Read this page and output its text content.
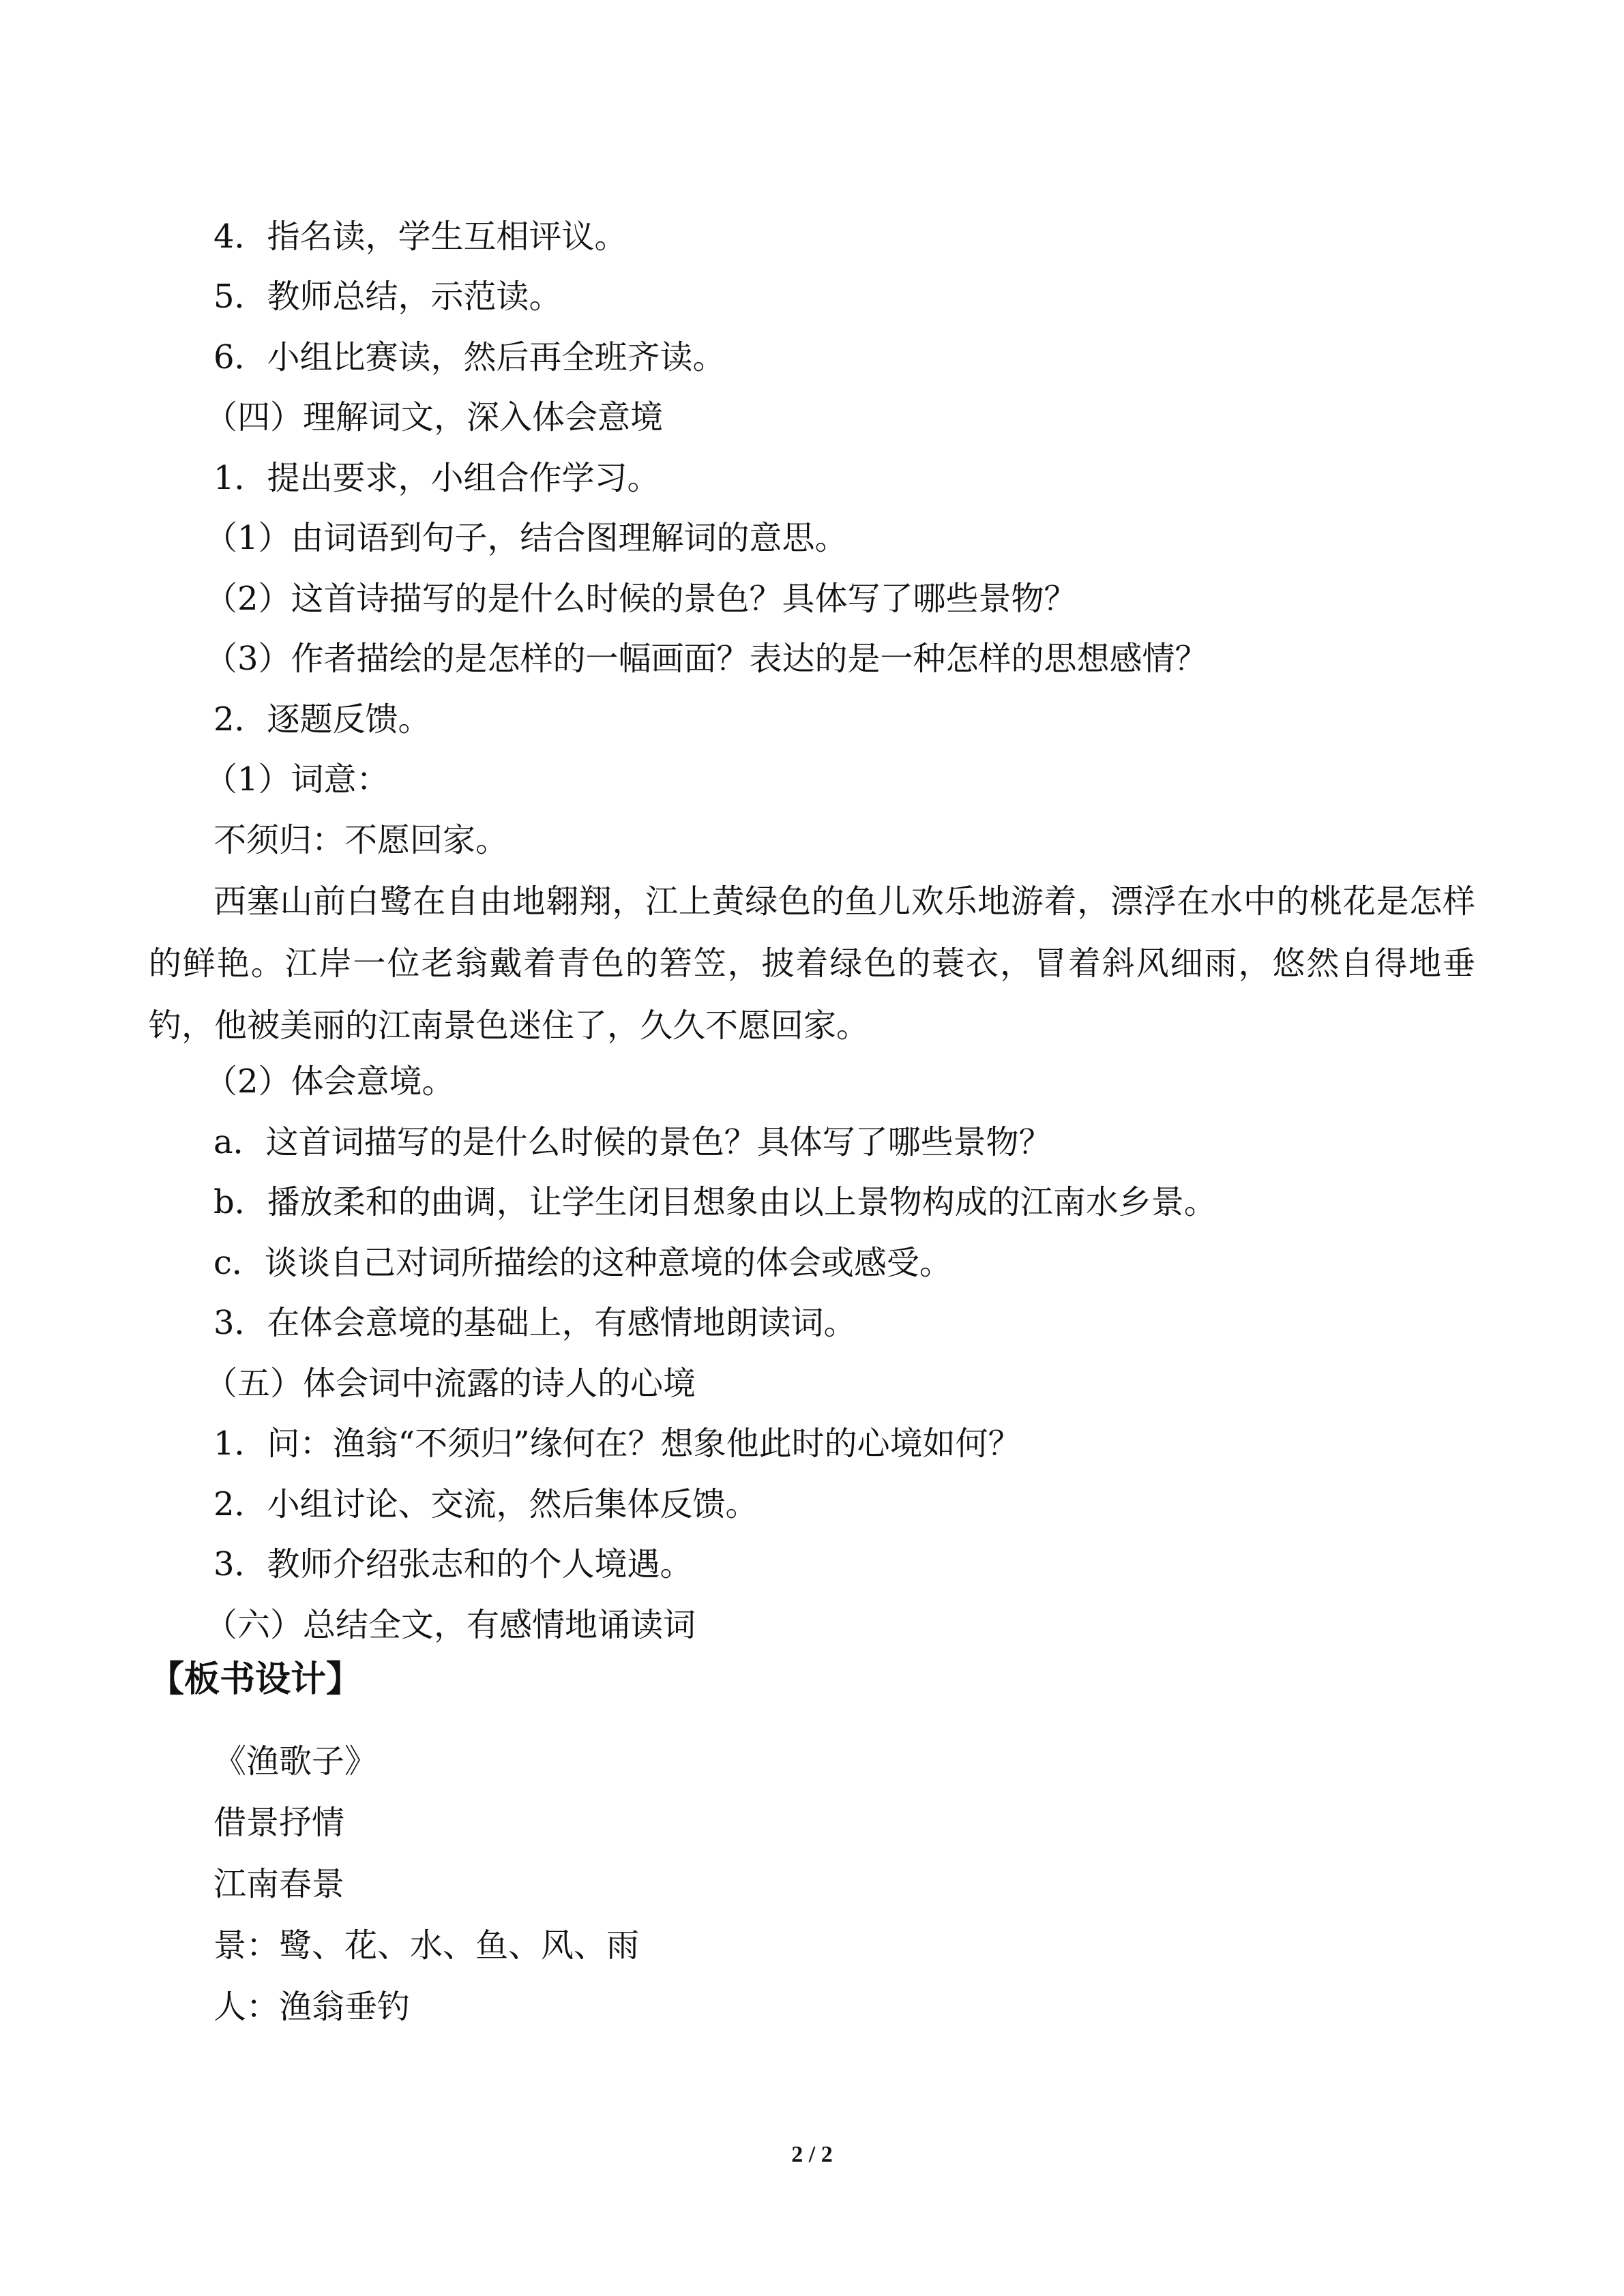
4．指名读，学生互相评议。
5．教师总结，示范读。
6．小组比赛读，然后再全班齐读。
（四）理解词文，深入体会意境
1．提出要求，小组合作学习。
（1）由词语到句子，结合图理解词的意思。
（2）这首诗描写的是什么时候的景色？具体写了哪些景物？
（3）作者描绘的是怎样的一幅画面？表达的是一种怎样的思想感情？
2．逐题反馈。
（1）词意：
不须归：不愿回家。
西塞山前白鹭在自由地翱翔，江上黄绿色的鱼儿欢乐地游着，漂浮在水中的桃花是怎样的鲜艳。江岸一位老翁戴着青色的箬笠，披着绿色的蓑衣，冒着斜风细雨，悠然自得地垂钓，他被美丽的江南景色迷住了，久久不愿回家。
（2）体会意境。
a．这首词描写的是什么时候的景色？具体写了哪些景物？
b．播放柔和的曲调，让学生闭目想象由以上景物构成的江南水乡景。
c．谈谈自己对词所描绘的这种意境的体会或感受。
3．在体会意境的基础上，有感情地朗读词。
（五）体会词中流露的诗人的心境
1．问：渔翁“不须归”缘何在？想象他此时的心境如何？
2．小组讨论、交流，然后集体反馈。
3．教师介绍张志和的个人境遇。
（六）总结全文，有感情地诵读词
【板书设计】
《渔歌子》
借景抒情
江南春景
景：鹭、花、水、鱼、风、雨
人：渔翁垂钓
2 / 2
